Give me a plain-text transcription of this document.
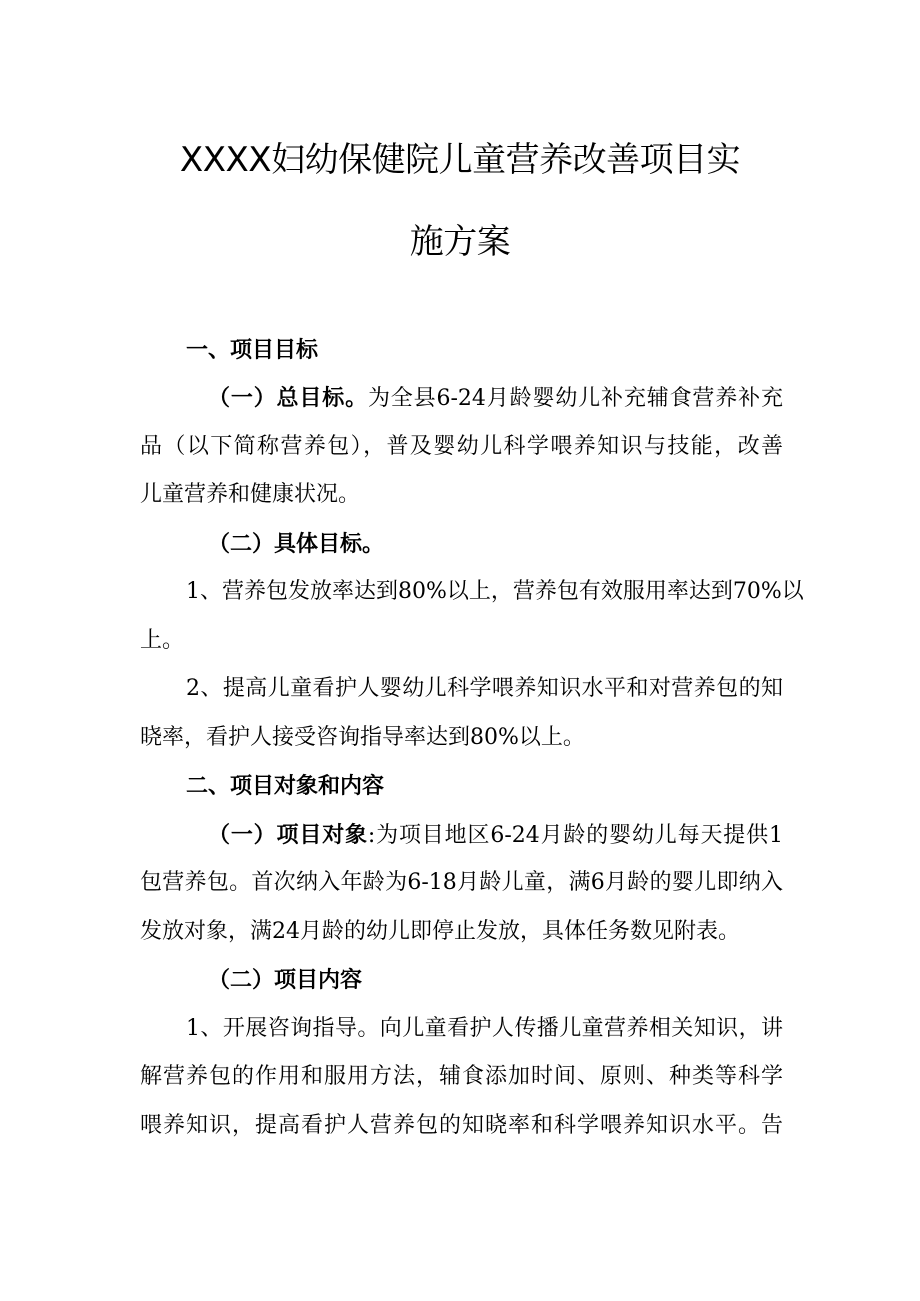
XXXX妇幼保健院儿童营养改善项目实
施方案
一、项目目标
（一）总目标。为全县6-24月龄婴幼儿补充辅食营养补充
品（以下简称营养包），普及婴幼儿科学喂养知识与技能，改善
儿童营养和健康状况。
（二）具体目标。
1、营养包发放率达到80%以上，营养包有效服用率达到70%以
上。
2、提高儿童看护人婴幼儿科学喂养知识水平和对营养包的知
晓率，看护人接受咨询指导率达到80%以上。
二、项目对象和内容
（一）项目对象:为项目地区6-24月龄的婴幼儿每天提供1
包营养包。首次纳入年龄为6-18月龄儿童，满6月龄的婴儿即纳入
发放对象，满24月龄的幼儿即停止发放，具体任务数见附表。
（二）项目内容
1、开展咨询指导。向儿童看护人传播儿童营养相关知识，讲
解营养包的作用和服用方法，辅食添加时间、原则、种类等科学
喂养知识，提高看护人营养包的知晓率和科学喂养知识水平。告
